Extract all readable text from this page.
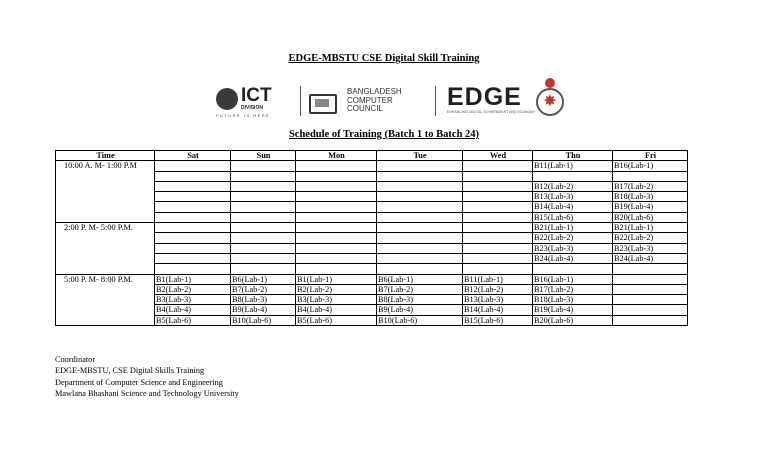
EDGE-MBSTU CSE Digital Skill Training
ICT
DIVISION
FUTURE IS HERE
BANGLADESH
COMPUTER
COUNCIL	EDGE
ENHANCING DIGITAL GOVERNMENT AND ECONOMY
✸
Schedule of Training (Batch 1 to Batch 24)
Time	Sat	Sun	Mon	Tue	Wed	Thu	Fri
10:00 A. M- 1:00 P.M						B11(Lab-1)	B16(Lab-1)

						B12(Lab-2)	B17(Lab-2)
						B13(Lab-3)	B18(Lab-3)
						B14(Lab-4)	B19(Lab-4)
						B15(Lab-6)	B20(Lab-6)
2:00 P. M- 5:00 P.M.						B21(Lab-1)	B21(Lab-1)
						B22(Lab-2)	B22(Lab-2)
						B23(Lab-3)	B23(Lab-3)
						B24(Lab-4)	B24(Lab-4)

5:00 P. M- 8:00 P.M.	B1(Lab-1)	B6(Lab-1)	B1(Lab-1)	B6(Lab-1)	B11(Lab-1)	B16(Lab-1)	
	B2(Lab-2)	B7(Lab-2)	B2(Lab-2)	B7(Lab-2)	B12(Lab-2)	B17(Lab-2)	
	B3(Lab-3)	B8(Lab-3)	B3(Lab-3)	B8(Lab-3)	B13(Lab-3)	B18(Lab-3)	
	B4(Lab-4)	B9(Lab-4)	B4(Lab-4)	B9(Lab-4)	B14(Lab-4)	B19(Lab-4)	
	B5(Lab-6)	B10(Lab-6)	B5(Lab-6)	B10(Lab-6)	B15(Lab-6)	B20(Lab-6)	
Coordinator
EDGE-MBSTU, CSE Digital Skills Training
Department of Computer Science and Engineering
Mawlana Bhashani Science and Technology University
